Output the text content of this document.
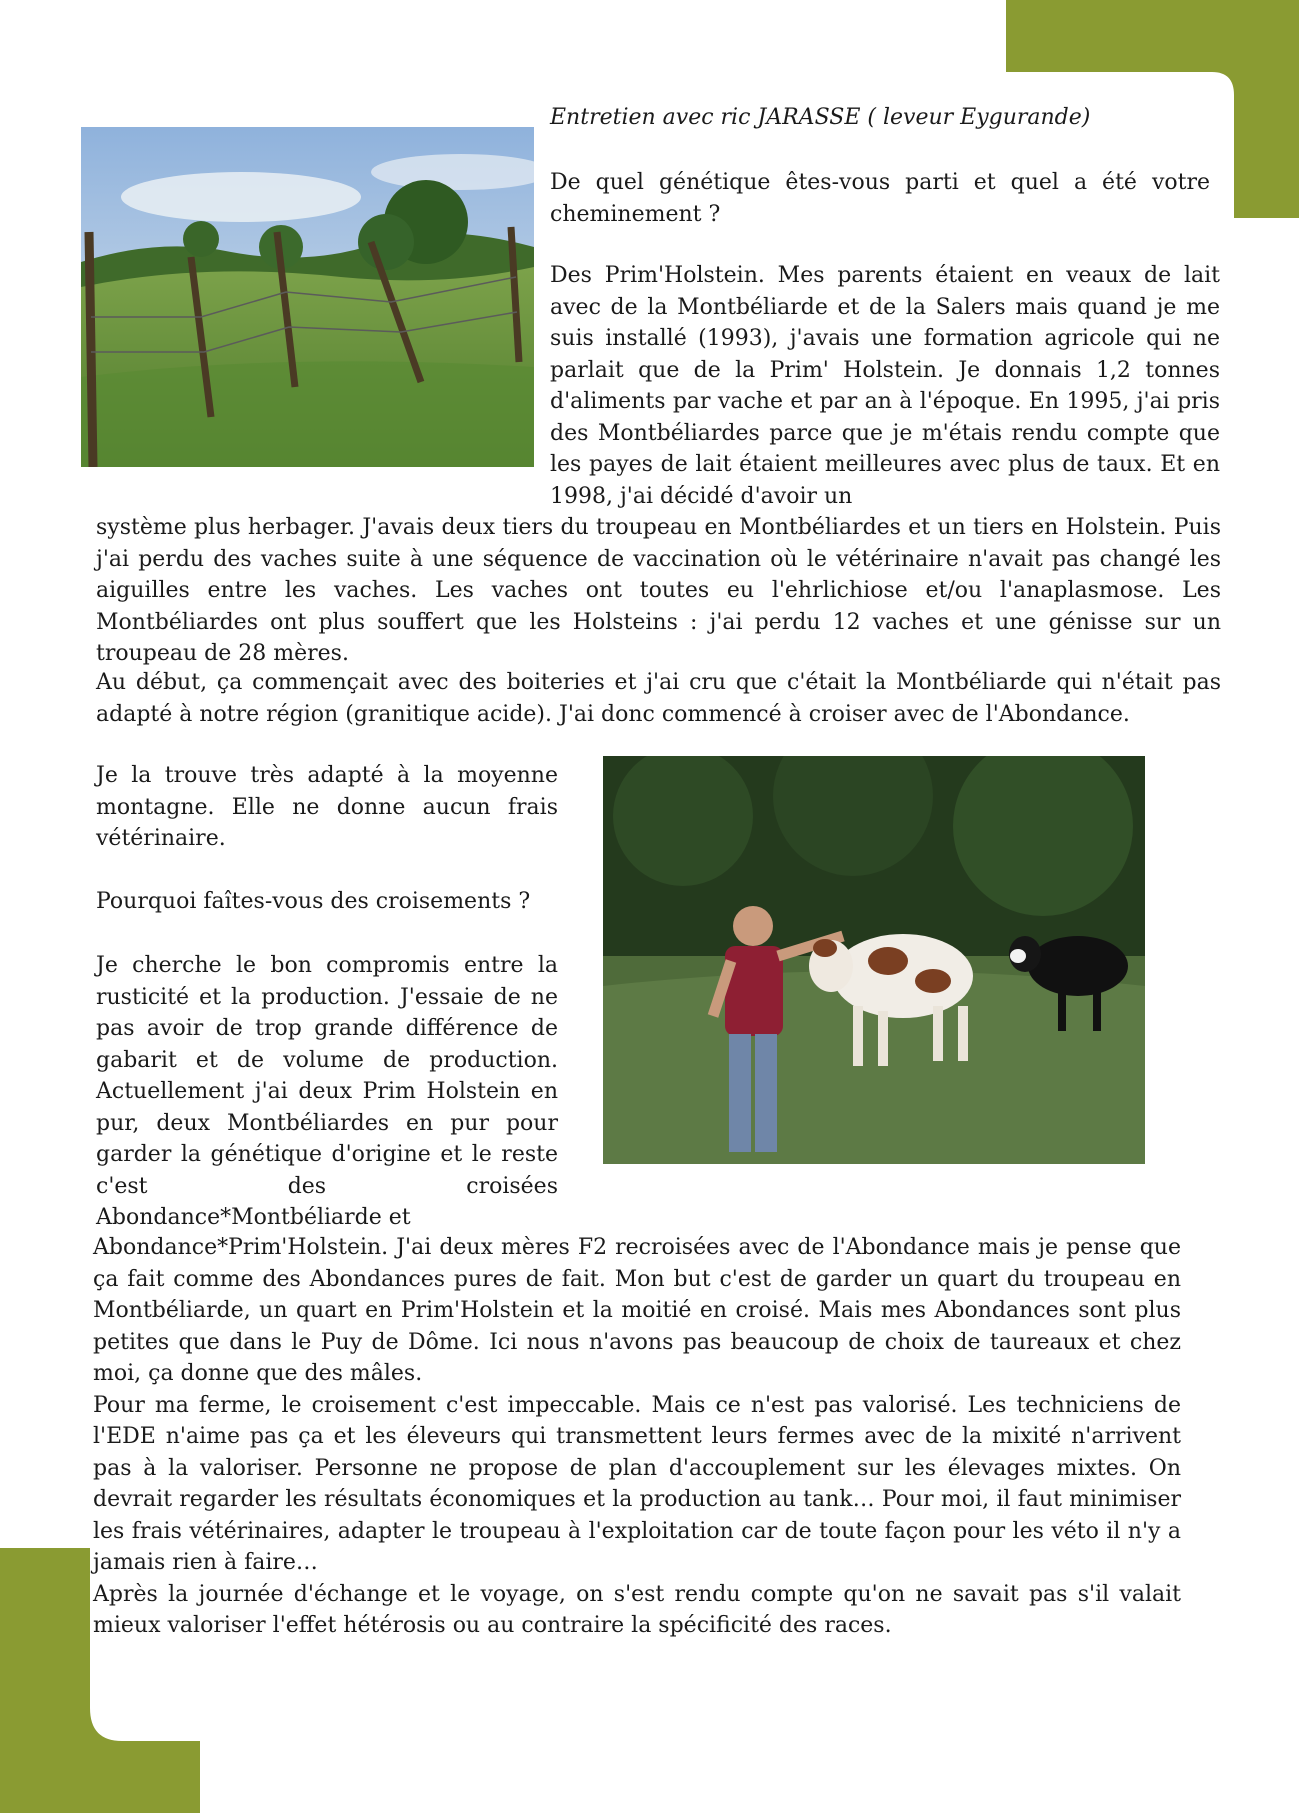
Entretien avec ric JARASSE ( leveur Eygurande)

De quel génétique êtes-vous parti et quel a été votre cheminement ?

Des Prim'Holstein. Mes parents étaient en veaux de lait avec de la Montbéliarde et de la Salers mais quand je me suis installé (1993), j'avais une formation agricole qui ne parlait que de la Prim' Holstein. Je donnais 1,2 tonnes d'aliments par vache et par an à l'époque. En 1995, j'ai pris des Montbéliardes parce que je m'étais rendu compte que les payes de lait étaient meilleures avec plus de taux. Et en 1998, j'ai décidé d'avoir un

système plus herbager. J'avais deux tiers du troupeau en Montbéliardes et un tiers en Holstein. Puis j'ai perdu des vaches suite à une séquence de vaccination où le vétérinaire n'avait pas changé les aiguilles entre les vaches. Les vaches ont toutes eu l'ehrlichiose et/ou l'anaplasmose. Les Montbéliardes ont plus souffert que les Holsteins : j'ai perdu 12 vaches et une génisse sur un troupeau de 28 mères.

Au début, ça commençait avec des boiteries et j'ai cru que c'était la Montbéliarde qui n'était pas adapté à notre région (granitique acide). J'ai donc commencé à croiser avec de l'Abondance.

Je la trouve très adapté à la moyenne montagne. Elle ne donne aucun frais vétérinaire.

Pourquoi faîtes-vous des croisements ?

Je cherche le bon compromis entre la rusticité et la production. J'essaie de ne pas avoir de trop grande différence de gabarit et de volume de production. Actuellement j'ai deux Prim Holstein en pur, deux Montbéliardes en pur pour garder la génétique d'origine et le reste c'est des croisées Abondance*Montbéliarde et

Abondance*Prim'Holstein. J'ai deux mères F2 recroisées avec de l'Abondance mais je pense que ça fait comme des Abondances pures de fait. Mon but c'est de garder un quart du troupeau en Montbéliarde, un quart en Prim'Holstein et la moitié en croisé. Mais mes Abondances sont plus petites que dans le Puy de Dôme. Ici nous n'avons pas beaucoup de choix de taureaux et chez moi, ça donne que des mâles.

Pour ma ferme, le croisement c'est impeccable. Mais ce n'est pas valorisé. Les techniciens de l'EDE n'aime pas ça et les éleveurs qui transmettent leurs fermes avec de la mixité n'arrivent pas à la valoriser. Personne ne propose de plan d'accouplement sur les élevages mixtes. On devrait regarder les résultats économiques et la production au tank… Pour moi, il faut minimiser les frais vétérinaires, adapter le troupeau à l'exploitation car de toute façon pour les véto il n'y a jamais rien à faire…

Après la journée d'échange et le voyage, on s'est rendu compte qu'on ne savait pas s'il valait mieux valoriser l'effet hétérosis ou au contraire la spécificité des races.
